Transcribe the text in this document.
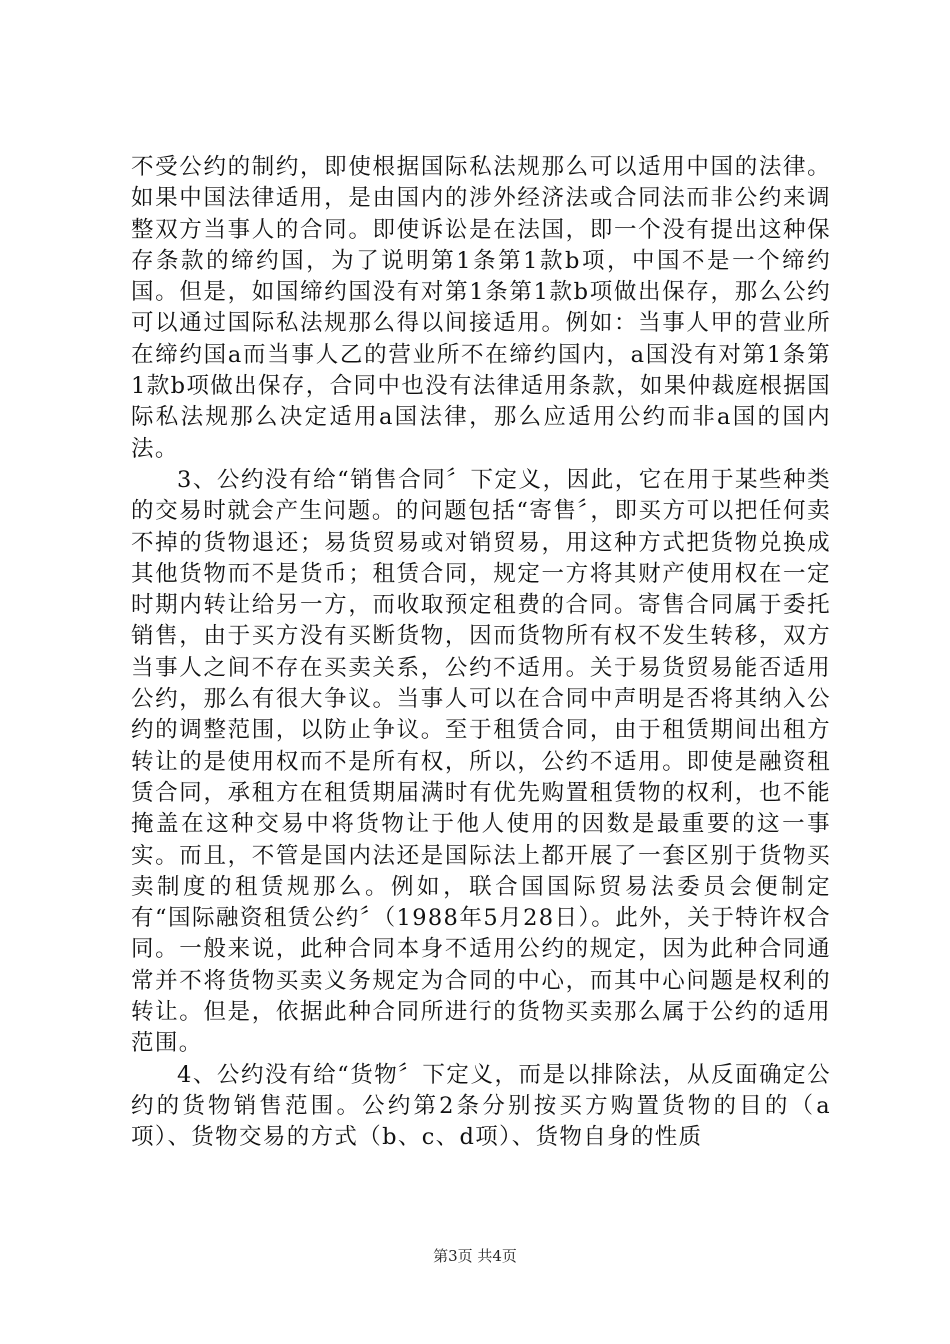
不受公约的制约，即使根据国际私法规那么可以适用中国的法律。如果中国法律适用，是由国内的涉外经济法或合同法而非公约来调整双方当事人的合同。即使诉讼是在法国，即一个没有提出这种保存条款的缔约国，为了说明第1条第1款b项，中国不是一个缔约国。但是，如国缔约国没有对第1条第1款b项做出保存，那么公约可以通过国际私法规那么得以间接适用。例如：当事人甲的营业所在缔约国a而当事人乙的营业所不在缔约国内，a国没有对第1条第1款b项做出保存，合同中也没有法律适用条款，如果仲裁庭根据国际私法规那么决定适用a国法律，那么应适用公约而非a国的国内法。

3、公约没有给“销售合同〞下定义，因此，它在用于某些种类的交易时就会产生问题。的问题包括“寄售〞，即买方可以把任何卖不掉的货物退还；易货贸易或对销贸易，用这种方式把货物兑换成其他货物而不是货币；租赁合同，规定一方将其财产使用权在一定时期内转让给另一方，而收取预定租费的合同。寄售合同属于委托销售，由于买方没有买断货物，因而货物所有权不发生转移，双方当事人之间不存在买卖关系，公约不适用。关于易货贸易能否适用公约，那么有很大争议。当事人可以在合同中声明是否将其纳入公约的调整范围，以防止争议。至于租赁合同，由于租赁期间出租方转让的是使用权而不是所有权，所以，公约不适用。即使是融资租赁合同，承租方在租赁期届满时有优先购置租赁物的权利，也不能掩盖在这种交易中将货物让于他人使用的因数是最重要的这一事实。而且，不管是国内法还是国际法上都开展了一套区别于货物买卖制度的租赁规那么。例如，联合国国际贸易法委员会便制定有“国际融资租赁公约〞（1988年5月28日）。此外，关于特许权合同。一般来说，此种合同本身不适用公约的规定，因为此种合同通常并不将货物买卖义务规定为合同的中心，而其中心问题是权利的转让。但是，依据此种合同所进行的货物买卖那么属于公约的适用范围。

4、公约没有给“货物〞下定义，而是以排除法，从反面确定公约的货物销售范围。公约第2条分别按买方购置货物的目的（a项）、货物交易的方式（b、c、d项）、货物自身的性质

第3页 共4页
